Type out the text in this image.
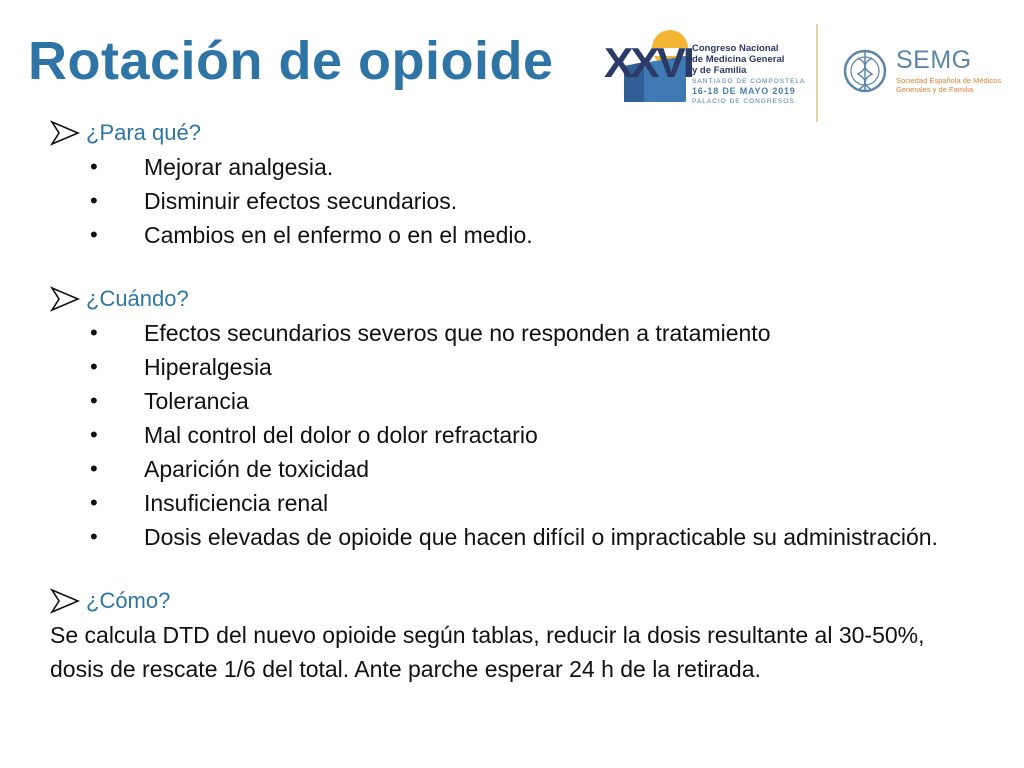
Rotación de opioide XXVI Congreso Nacional
de Medicina General
y de Familia
SANTIAGO DE COMPOSTELA
16-18 DE MAYO 2019
PALACIO DE CONGRESOS
SEMG
Sociedad Española de Médicos
Generales y de Familia
¿Para qué?
• Mejorar analgesia.
• Disminuir efectos secundarios.
• Cambios en el enfermo o en el medio.
¿Cuándo?
• Efectos secundarios severos que no responden a tratamiento
• Hiperalgesia
• Tolerancia
• Mal control del dolor o dolor refractario
• Aparición de toxicidad
• Insuficiencia renal
• Dosis elevadas de opioide que hacen difícil o impracticable su administración.
¿Cómo?

Se calcula DTD del nuevo opioide según tablas, reducir la dosis resultante al 30-50%, dosis de rescate 1/6 del total. Ante parche esperar 24 h de la retirada.
